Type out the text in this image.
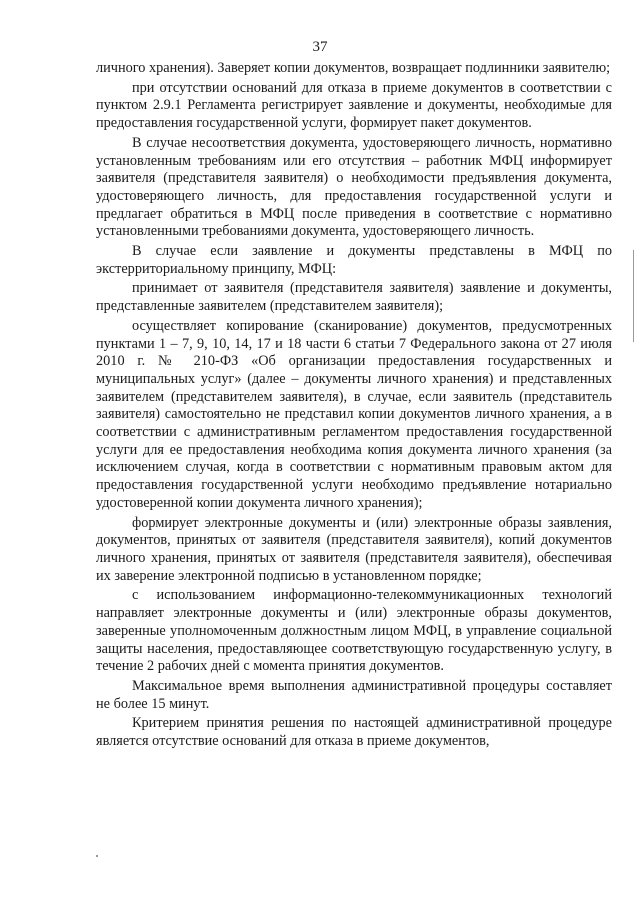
37

личного хранения). Заверяет копии документов, возвращает подлинники заявителю;

при отсутствии оснований для отказа в приеме документов в соответствии с пунктом 2.9.1 Регламента регистрирует заявление и документы, необходимые для предоставления государственной услуги, формирует пакет документов.

В случае несоответствия документа, удостоверяющего личность, нормативно установленным требованиям или его отсутствия – работник МФЦ информирует заявителя (представителя заявителя) о необходимости предъявления документа, удостоверяющего личность, для предоставления государственной услуги и предлагает обратиться в МФЦ после приведения в соответствие с нормативно установленными требованиями документа, удостоверяющего личность.

В случае если заявление и документы представлены в МФЦ по экстерриториальному принципу, МФЦ:

принимает от заявителя (представителя заявителя) заявление и документы, представленные заявителем (представителем заявителя);

осуществляет копирование (сканирование) документов, предусмотренных пунктами 1 – 7, 9, 10, 14, 17 и 18 части 6 статьи 7 Федерального закона от 27 июля 2010 г. № 210-ФЗ «Об организации предоставления государственных и муниципальных услуг» (далее – документы личного хранения) и представленных заявителем (представителем заявителя), в случае, если заявитель (представитель заявителя) самостоятельно не представил копии документов личного хранения, а в соответствии с административным регламентом предоставления государственной услуги для ее предоставления необходима копия документа личного хранения (за исключением случая, когда в соответствии с нормативным правовым актом для предоставления государственной услуги необходимо предъявление нотариально удостоверенной копии документа личного хранения);

формирует электронные документы и (или) электронные образы заявления, документов, принятых от заявителя (представителя заявителя), копий документов личного хранения, принятых от заявителя (представителя заявителя), обеспечивая их заверение электронной подписью в установленном порядке;

с использованием информационно-телекоммуникационных технологий направляет электронные документы и (или) электронные образы документов, заверенные уполномоченным должностным лицом МФЦ, в управление социальной защиты населения, предоставляющее соответствующую государственную услугу, в течение 2 рабочих дней с момента принятия документов.

Максимальное время выполнения административной процедуры составляет не более 15 минут.

Критерием принятия решения по настоящей административной процедуре является отсутствие оснований для отказа в приеме документов,
